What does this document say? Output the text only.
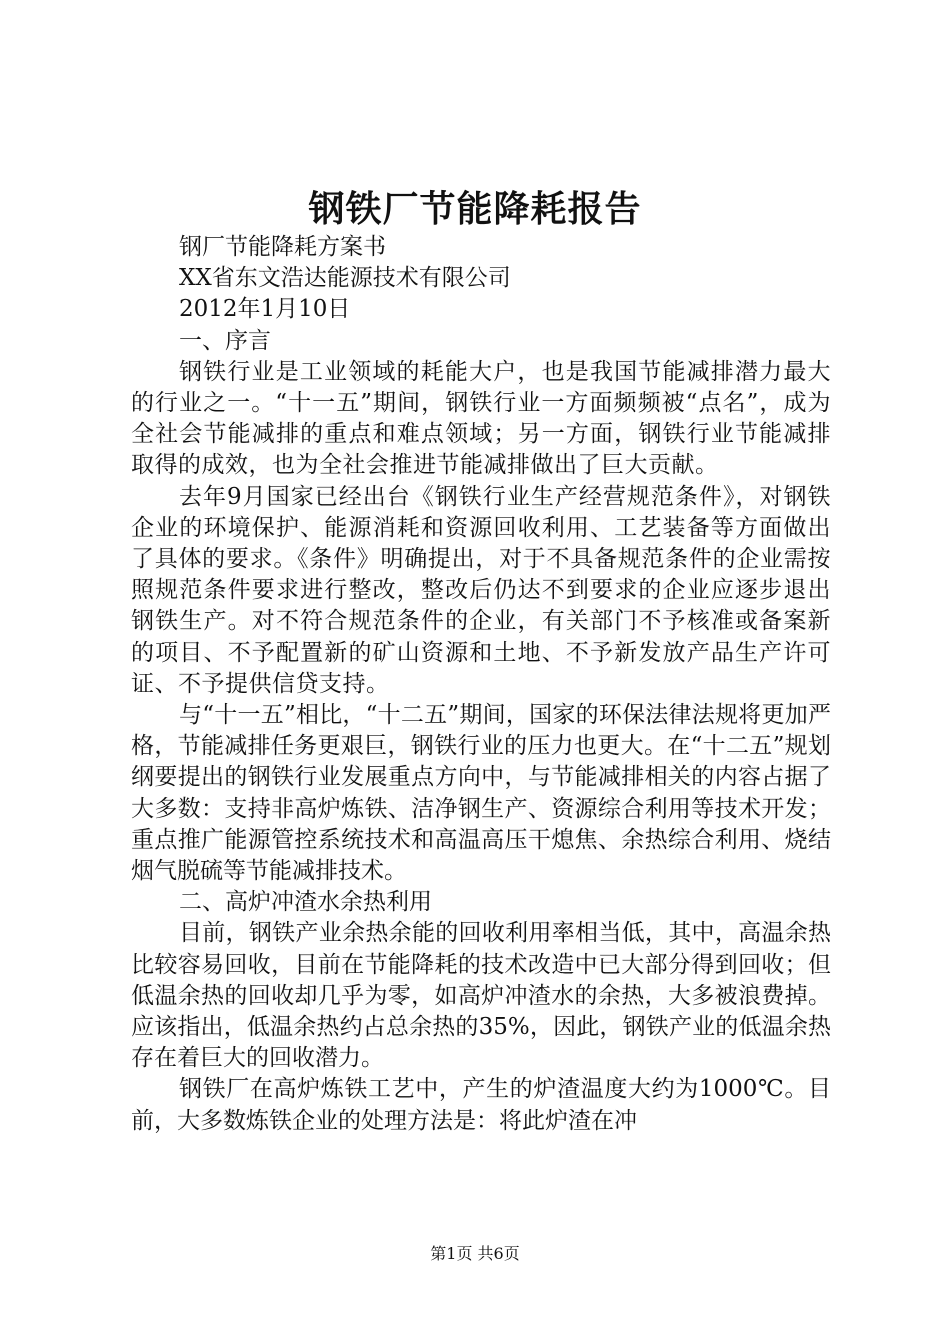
钢铁厂节能降耗报告

钢厂节能降耗方案书

XX省东文浩达能源技术有限公司

2012年1月10日

一、序言

钢铁行业是工业领域的耗能大户，也是我国节能减排潜力最大的行业之一。“十一五”期间，钢铁行业一方面频频被“点名”，成为全社会节能减排的重点和难点领域；另一方面，钢铁行业节能减排取得的成效，也为全社会推进节能减排做出了巨大贡献。

去年9月国家已经出台《钢铁行业生产经营规范条件》，对钢铁企业的环境保护、能源消耗和资源回收利用、工艺装备等方面做出了具体的要求。《条件》明确提出，对于不具备规范条件的企业需按照规范条件要求进行整改，整改后仍达不到要求的企业应逐步退出钢铁生产。对不符合规范条件的企业，有关部门不予核准或备案新的项目、不予配置新的矿山资源和土地、不予新发放产品生产许可证、不予提供信贷支持。

与“十一五”相比，“十二五”期间，国家的环保法律法规将更加严格，节能减排任务更艰巨，钢铁行业的压力也更大。在“十二五”规划纲要提出的钢铁行业发展重点方向中，与节能减排相关的内容占据了大多数：支持非高炉炼铁、洁净钢生产、资源综合利用等技术开发；重点推广能源管控系统技术和高温高压干熄焦、余热综合利用、烧结烟气脱硫等节能减排技术。

二、高炉冲渣水余热利用

目前，钢铁产业余热余能的回收利用率相当低，其中，高温余热比较容易回收，目前在节能降耗的技术改造中已大部分得到回收；但低温余热的回收却几乎为零，如高炉冲渣水的余热，大多被浪费掉。应该指出，低温余热约占总余热的35%，因此，钢铁产业的低温余热存在着巨大的回收潜力。

钢铁厂在高炉炼铁工艺中，产生的炉渣温度大约为1000℃。目前，大多数炼铁企业的处理方法是：将此炉渣在冲

第1页 共6页
